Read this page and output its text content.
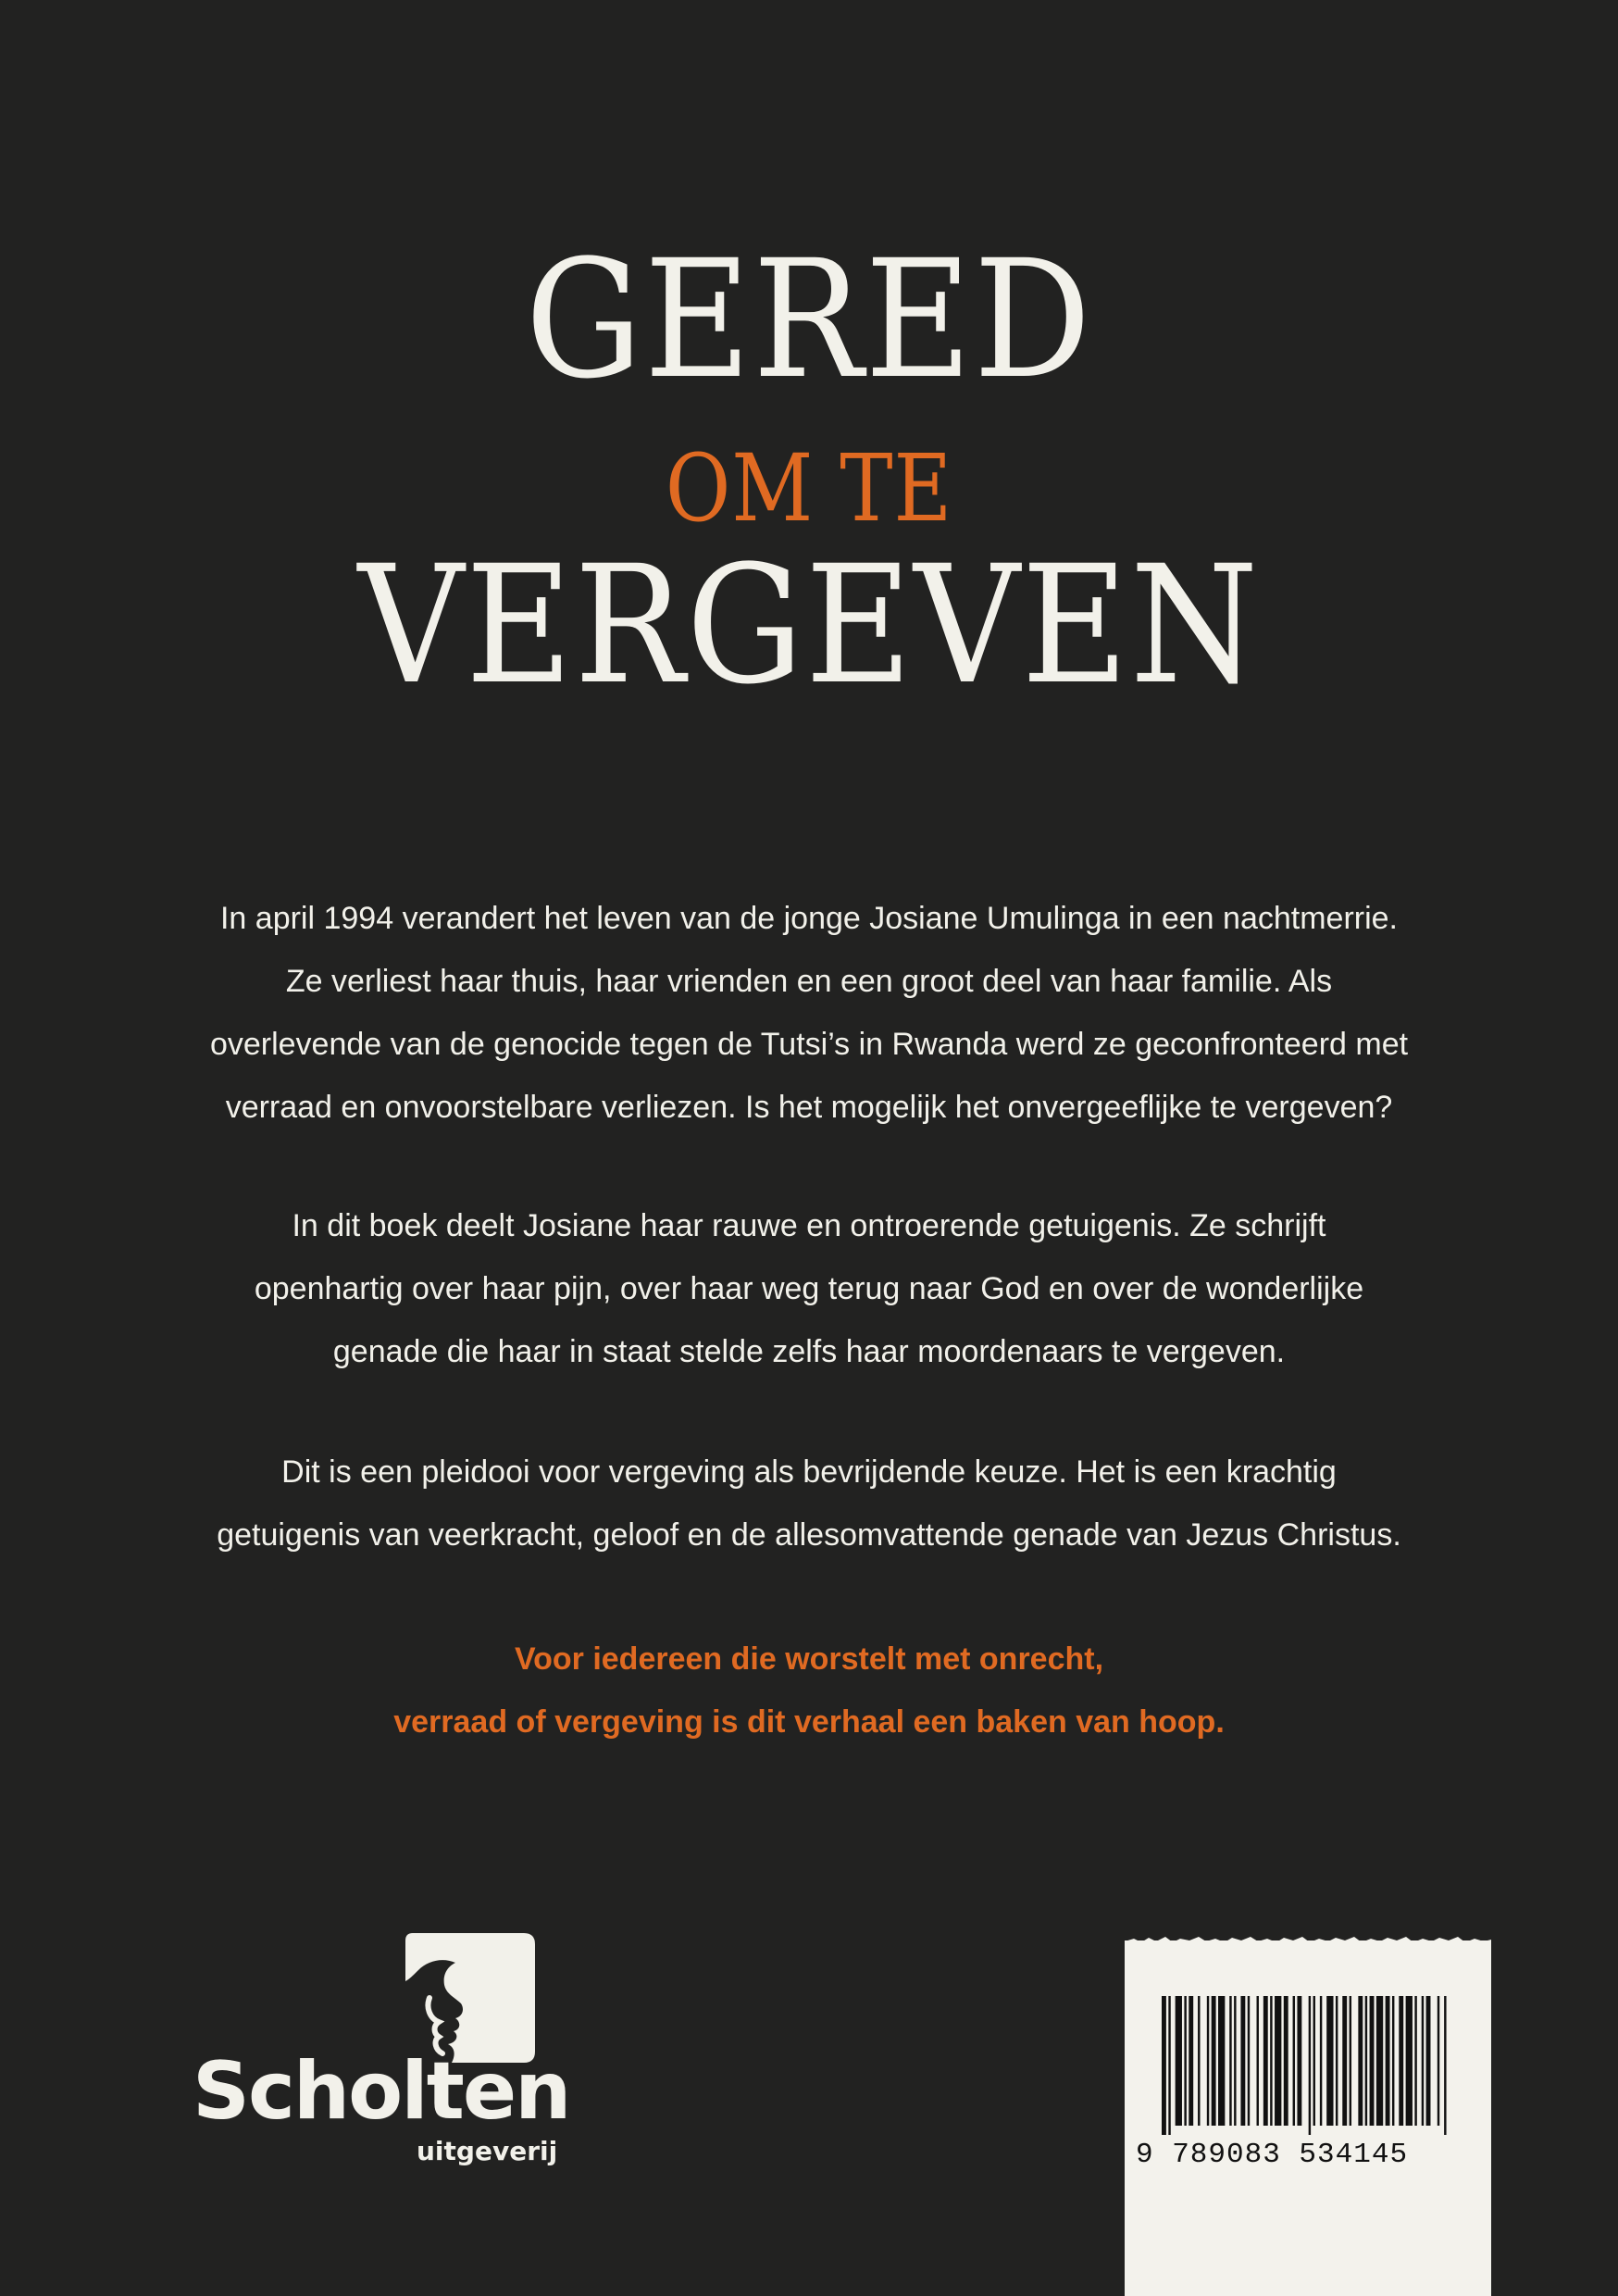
GERED
OM TE
VERGEVEN

In april 1994 verandert het leven van de jonge Josiane Umulinga in een nachtmerrie.
Ze verliest haar thuis, haar vrienden en een groot deel van haar familie. Als
overlevende van de genocide tegen de Tutsi’s in Rwanda werd ze geconfronteerd met
verraad en onvoorstelbare verliezen. Is het mogelijk het onvergeeflijke te vergeven?

In dit boek deelt Josiane haar rauwe en ontroerende getuigenis. Ze schrijft
openhartig over haar pijn, over haar weg terug naar God en over de wonderlijke
genade die haar in staat stelde zelfs haar moordenaars te vergeven.

Dit is een pleidooi voor vergeving als bevrijdende keuze. Het is een krachtig
getuigenis van veerkracht, geloof en de allesomvattende genade van Jezus Christus.

Voor iedereen die worstelt met onrecht,
verraad of vergeving is dit verhaal een baken van hoop.

Scholten
uitgeverij	9 789083 534145
